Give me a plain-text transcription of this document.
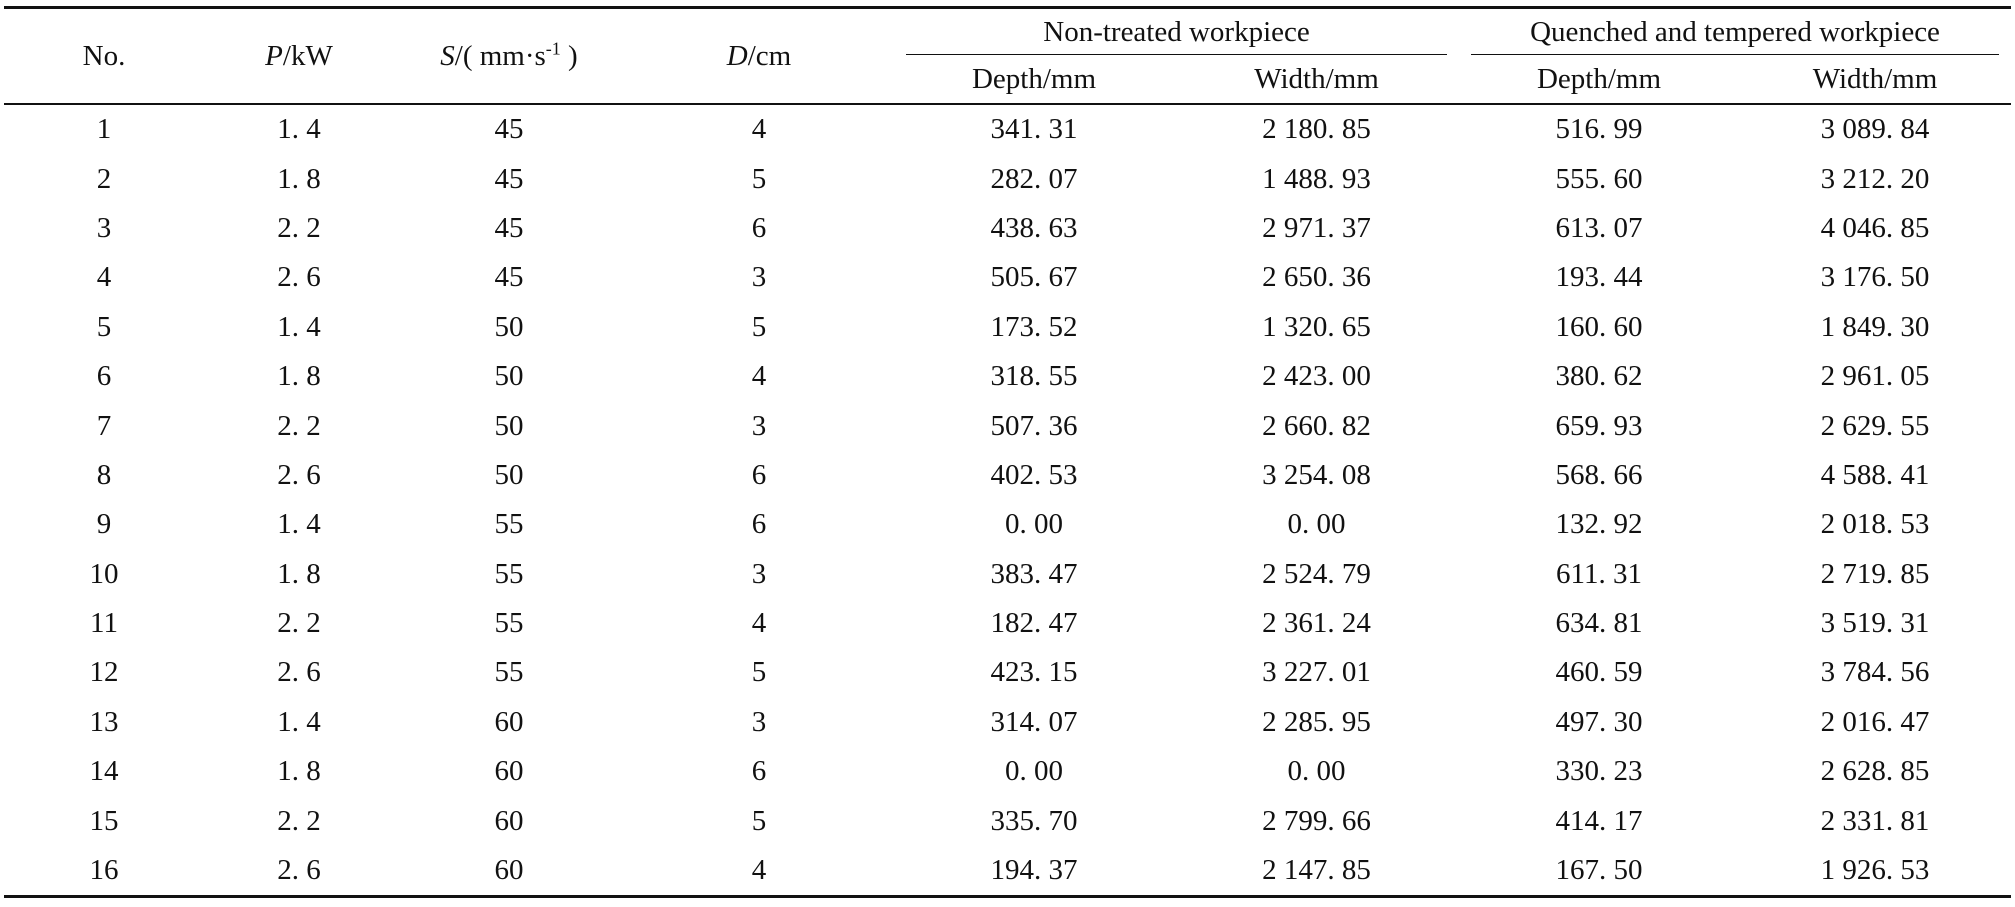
No.	P/kW	S/( $mm\cdot s^{-1}$ )	D/cm	Non-treated workpiece		Quenched and tempered workpiece	

				Depth/mm	Width/mm	Depth/mm	Width/mm
1	1. 4	45	4	341. 31	2 180. 85	516. 99	3 089. 84
2	1. 8	45	5	282. 07	1 488. 93	555. 60	3 212. 20
3	2. 2	45	6	438. 63	2 971. 37	613. 07	4 046. 85
4	2. 6	45	3	505. 67	2 650. 36	193. 44	3 176. 50
5	1. 4	50	5	173. 52	1 320. 65	160. 60	1 849. 30
6	1. 8	50	4	318. 55	2 423. 00	380. 62	2 961. 05
7	2. 2	50	3	507. 36	2 660. 82	659. 93	2 629. 55
8	2. 6	50	6	402. 53	3 254. 08	568. 66	4 588. 41
9	1. 4	55	6	0. 00	0. 00	132. 92	2 018. 53
10	1. 8	55	3	383. 47	2 524. 79	611. 31	2 719. 85
11	2. 2	55	4	182. 47	2 361. 24	634. 81	3 519. 31
12	2. 6	55	5	423. 15	3 227. 01	460. 59	3 784. 56
13	1. 4	60	3	314. 07	2 285. 95	497. 30	2 016. 47
14	1. 8	60	6	0. 00	0. 00	330. 23	2 628. 85
15	2. 2	60	5	335. 70	2 799. 66	414. 17	2 331. 81
16	2. 6	60	4	194. 37	2 147. 85	167. 50	1 926. 53
